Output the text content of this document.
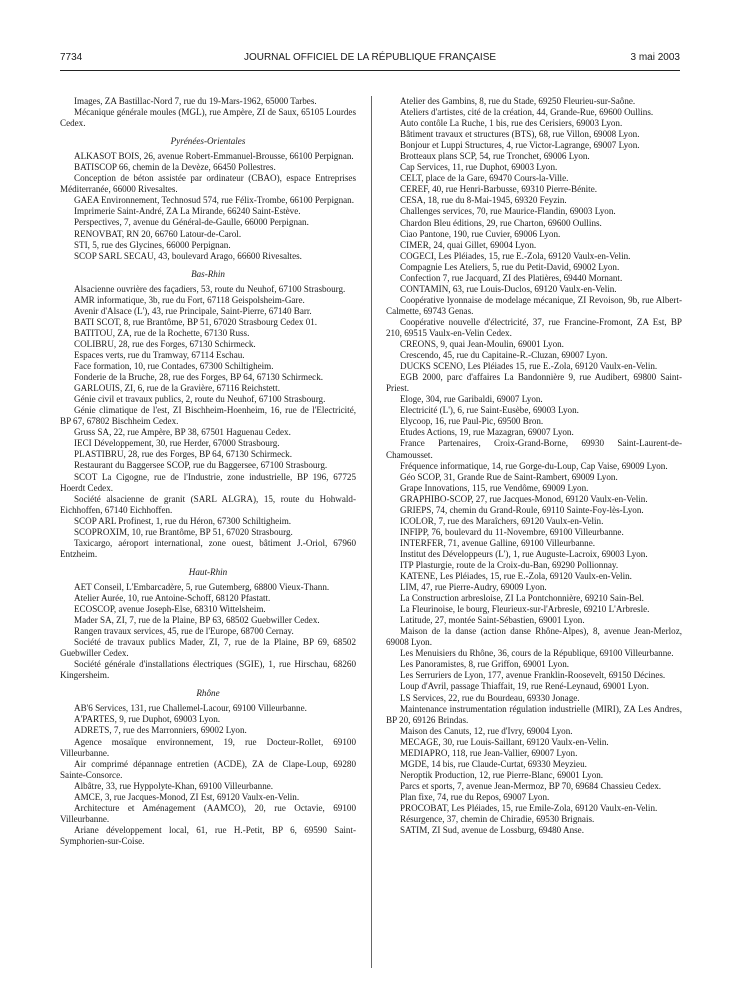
7734	JOURNAL OFFICIEL DE LA RÉPUBLIQUE FRANÇAISE	3 mai 2003

Images, ZA Bastillac-Nord 7, rue du 19-Mars-1962, 65000 Tarbes.

Mécanique générale moules (MGL), rue Ampère, ZI de Saux, 65105 Lourdes Cedex.

Pyrénées-Orientales

ALKASOT BOIS, 26, avenue Robert-Emmanuel-Brousse, 66100 Perpignan.

BATISCOP 66, chemin de la Devèze, 66450 Pollestres.

Conception de béton assistée par ordinateur (CBAO), espace Entreprises Méditerranée, 66000 Rivesaltes.

GAEA Environnement, Technosud 574, rue Félix-Trombe, 66100 Perpignan.

Imprimerie Saint-André, ZA La Mirande, 66240 Saint-Estève.

Perspectives, 7, avenue du Général-de-Gaulle, 66000 Perpignan.

RENOVBAT, RN 20, 66760 Latour-de-Carol.

STI, 5, rue des Glycines, 66000 Perpignan.

SCOP SARL SECAU, 43, boulevard Arago, 66600 Rivesaltes.

Bas-Rhin

Alsacienne ouvrière des façadiers, 53, route du Neuhof, 67100 Strasbourg.

AMR informatique, 3b, rue du Fort, 67118 Geispolsheim-Gare.

Avenir d'Alsace (L'), 43, rue Principale, Saint-Pierre, 67140 Barr.

BATI SCOT, 8, rue Brantôme, BP 51, 67020 Strasbourg Cedex 01.

BATITOU, ZA, rue de la Rochette, 67130 Russ.

COLIBRU, 28, rue des Forges, 67130 Schirmeck.

Espaces verts, rue du Tramway, 67114 Eschau.

Face formation, 10, rue Contades, 67300 Schiltigheim.

Fonderie de la Bruche, 28, rue des Forges, BP 64, 67130 Schirmeck.

GARLOUIS, ZI, 6, rue de la Gravière, 67116 Reichstett.

Génie civil et travaux publics, 2, route du Neuhof, 67100 Strasbourg.

Génie climatique de l'est, ZI Bischheim-Hoenheim, 16, rue de l'Electricité, BP 67, 67802 Bischheim Cedex.

Gruss SA, 22, rue Ampère, BP 38, 67501 Haguenau Cedex.

IECI Développement, 30, rue Herder, 67000 Strasbourg.

PLASTIBRU, 28, rue des Forges, BP 64, 67130 Schirmeck.

Restaurant du Baggersee SCOP, rue du Baggersee, 67100 Strasbourg.

SCOT La Cigogne, rue de l'Industrie, zone industrielle, BP 196, 67725 Hoerdt Cedex.

Société alsacienne de granit (SARL ALGRA), 15, route du Hohwald-Eichhoffen, 67140 Eichhoffen.

SCOP ARL Profinest, 1, rue du Héron, 67300 Schiltigheim.

SCOPROXIM, 10, rue Brantôme, BP 51, 67020 Strasbourg.

Taxicargo, aéroport international, zone ouest, bâtiment J.-Oriol, 67960 Entzheim.

Haut-Rhin

AET Conseil, L'Embarcadère, 5, rue Gutemberg, 68800 Vieux-Thann.

Atelier Aurée, 10, rue Antoine-Schoff, 68120 Pfastatt.

ECOSCOP, avenue Joseph-Else, 68310 Wittelsheim.

Mader SA, ZI, 7, rue de la Plaine, BP 63, 68502 Guebwiller Cedex.

Rangen travaux services, 45, rue de l'Europe, 68700 Cernay.

Société de travaux publics Mader, ZI, 7, rue de la Plaine, BP 69, 68502 Guebwiller Cedex.

Société générale d'installations électriques (SGIE), 1, rue Hirschau, 68260 Kingersheim.

Rhône

AB'6 Services, 131, rue Challemel-Lacour, 69100 Villeurbanne.

A'PARTES, 9, rue Duphot, 69003 Lyon.

ADRETS, 7, rue des Marronniers, 69002 Lyon.

Agence mosaïque environnement, 19, rue Docteur-Rollet, 69100 Villeurbanne.

Air comprimé dépannage entretien (ACDE), ZA de Clape-Loup, 69280 Sainte-Consorce.

Albâtre, 33, rue Hyppolyte-Khan, 69100 Villeurbanne.

AMCE, 3, rue Jacques-Monod, ZI Est, 69120 Vaulx-en-Velin.

Architecture et Aménagement (AAMCO), 20, rue Octavie, 69100 Villeurbanne.

Ariane développement local, 61, rue H.-Petit, BP 6, 69590 Saint-Symphorien-sur-Coise.

Atelier des Gambins, 8, rue du Stade, 69250 Fleurieu-sur-Saône.

Ateliers d'artistes, cité de la création, 44, Grande-Rue, 69600 Oullins.

Auto contôle La Ruche, 1 bis, rue des Cerisiers, 69003 Lyon.

Bâtiment travaux et structures (BTS), 68, rue Villon, 69008 Lyon.

Bonjour et Luppi Structures, 4, rue Victor-Lagrange, 69007 Lyon.

Brotteaux plans SCP, 54, rue Tronchet, 69006 Lyon.

Cap Services, 11, rue Duphot, 69003 Lyon.

CELT, place de la Gare, 69470 Cours-la-Ville.

CEREF, 40, rue Henri-Barbusse, 69310 Pierre-Bénite.

CESA, 18, rue du 8-Mai-1945, 69320 Feyzin.

Challenges services, 70, rue Maurice-Flandin, 69003 Lyon.

Chardon Bleu éditions, 29, rue Charton, 69600 Oullins.

Ciao Pantone, 190, rue Cuvier, 69006 Lyon.

CIMER, 24, quai Gillet, 69004 Lyon.

COGECI, Les Pléiades, 15, rue E.-Zola, 69120 Vaulx-en-Velin.

Compagnie Les Ateliers, 5, rue du Petit-David, 69002 Lyon.

Confection 7, rue Jacquard, ZI des Platières, 69440 Mornant.

CONTAMIN, 63, rue Louis-Duclos, 69120 Vaulx-en-Velin.

Coopérative lyonnaise de modelage mécanique, ZI Revoison, 9b, rue Albert-Calmette, 69743 Genas.

Coopérative nouvelle d'électricité, 37, rue Francine-Fromont, ZA Est, BP 210, 69515 Vaulx-en-Velin Cedex.

CREONS, 9, quai Jean-Moulin, 69001 Lyon.

Crescendo, 45, rue du Capitaine-R.-Cluzan, 69007 Lyon.

DUCKS SCENO, Les Pléiades 15, rue E.-Zola, 69120 Vaulx-en-Velin.

EGB 2000, parc d'affaires La Bandonnière 9, rue Audibert, 69800 Saint-Priest.

Eloge, 304, rue Garibaldi, 69007 Lyon.

Electricité (L'), 6, rue Saint-Eusèbe, 69003 Lyon.

Elycoop, 16, rue Paul-Pic, 69500 Bron.

Etudes Actions, 19, rue Mazagran, 69007 Lyon.

France Partenaires, Croix-Grand-Borne, 69930 Saint-Laurent-de-Chamousset.

Fréquence informatique, 14, rue Gorge-du-Loup, Cap Vaise, 69009 Lyon.

Géo SCOP, 31, Grande Rue de Saint-Rambert, 69009 Lyon.

Grape Innovations, 115, rue Vendôme, 69009 Lyon.

GRAPHIBO-SCOP, 27, rue Jacques-Monod, 69120 Vaulx-en-Velin.

GRIEPS, 74, chemin du Grand-Roule, 69110 Sainte-Foy-lès-Lyon.

ICOLOR, 7, rue des Maraîchers, 69120 Vaulx-en-Velin.

INFIPP, 76, boulevard du 11-Novembre, 69100 Villeurbanne.

INTERFER, 71, avenue Galline, 69100 Villeurbanne.

Institut des Développeurs (L'), 1, rue Auguste-Lacroix, 69003 Lyon.

ITP Plasturgie, route de la Croix-du-Ban, 69290 Pollionnay.

KATENE, Les Pléiades, 15, rue E.-Zola, 69120 Vaulx-en-Velin.

LIM, 47, rue Pierre-Audry, 69009 Lyon.

La Construction arbresloise, ZI La Pontchonnière, 69210 Sain-Bel.

La Fleurinoise, le bourg, Fleurieux-sur-l'Arbresle, 69210 L'Arbresle.

Latitude, 27, montée Saint-Sébastien, 69001 Lyon.

Maison de la danse (action danse Rhône-Alpes), 8, avenue Jean-Merloz, 69008 Lyon.

Les Menuisiers du Rhône, 36, cours de la République, 69100 Villeurbanne.

Les Panoramistes, 8, rue Griffon, 69001 Lyon.

Les Serruriers de Lyon, 177, avenue Franklin-Roosevelt, 69150 Décines.

Loup d'Avril, passage Thiaffait, 19, rue René-Leynaud, 69001 Lyon.

LS Services, 22, rue du Bourdeau, 69330 Jonage.

Maintenance instrumentation régulation industrielle (MIRI), ZA Les Andres, BP 20, 69126 Brindas.

Maison des Canuts, 12, rue d'Ivry, 69004 Lyon.

MECAGE, 30, rue Louis-Saillant, 69120 Vaulx-en-Velin.

MEDIAPRO, 118, rue Jean-Vallier, 69007 Lyon.

MGDE, 14 bis, rue Claude-Curtat, 69330 Meyzieu.

Neroptik Production, 12, rue Pierre-Blanc, 69001 Lyon.

Parcs et sports, 7, avenue Jean-Mermoz, BP 70, 69684 Chassieu Cedex.

Plan fixe, 74, rue du Repos, 69007 Lyon.

PROCOBAT, Les Pléiades, 15, rue Emile-Zola, 69120 Vaulx-en-Velin.

Résurgence, 37, chemin de Chiradie, 69530 Brignais.

SATIM, ZI Sud, avenue de Lossburg, 69480 Anse.
